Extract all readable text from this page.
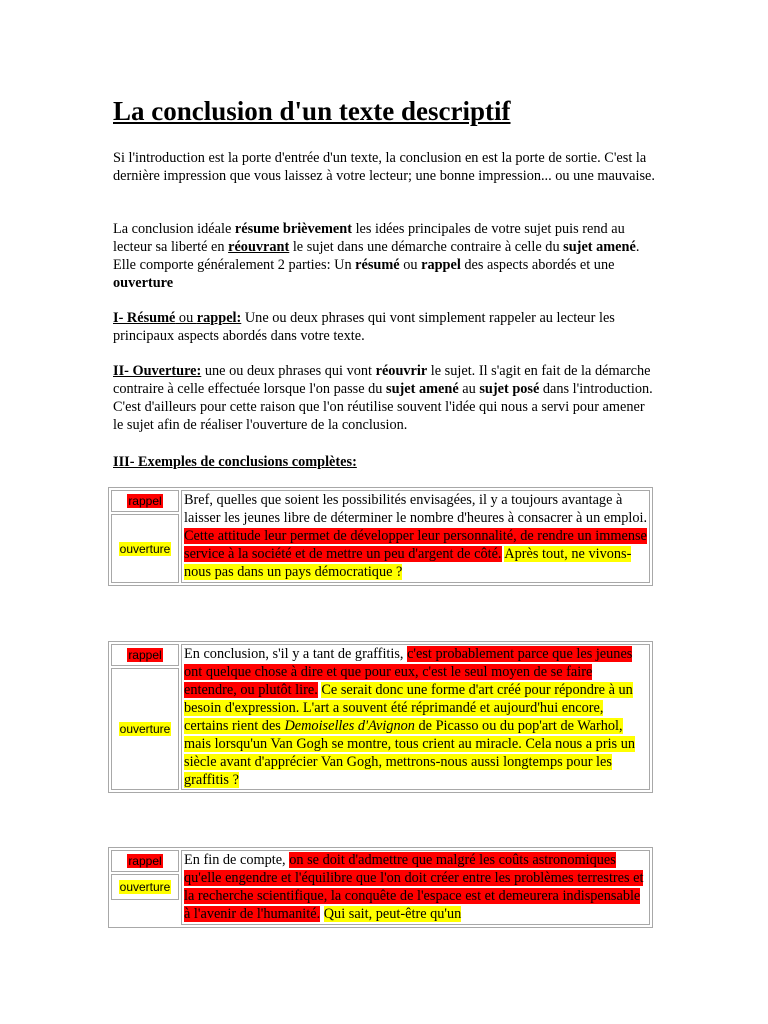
La conclusion d'un texte descriptif

Si l'introduction est la porte d'entrée d'un texte, la conclusion en est la porte de sortie. C'est la dernière impression que vous laissez à votre lecteur; une bonne impression... ou une mauvaise.

La conclusion idéale résume brièvement les idées principales de votre sujet puis rend au lecteur sa liberté en réouvrant le sujet dans une démarche contraire à celle du sujet amené. Elle comporte généralement 2 parties: Un résumé ou rappel des aspects abordés et une ouverture

I- Résumé ou rappel: Une ou deux phrases qui vont simplement rappeler au lecteur les principaux aspects abordés dans votre texte.

II- Ouverture: une ou deux phrases qui vont réouvrir le sujet. Il s'agit en fait de la démarche contraire à celle effectuée lorsque l'on passe du sujet amené au sujet posé dans l'introduction. C'est d'ailleurs pour cette raison que l'on réutilise souvent l'idée qui nous a servi pour amener le sujet afin de réaliser l'ouverture de la conclusion.

III- Exemples de conclusions complètes:

rappel
ouverture
Bref, quelles que soient les possibilités envisagées, il y a toujours avantage à laisser les jeunes libre de déterminer le nombre d'heures à consacrer à un emploi. Cette attitude leur permet de développer leur personnalité, de rendre un immense service à la société et de mettre un peu d'argent de côté. Après tout, ne vivons-nous pas dans un pays démocratique ?
rappel
ouverture
En conclusion, s'il y a tant de graffitis, c'est probablement parce que les jeunes ont quelque chose à dire et que pour eux, c'est le seul moyen de se faire entendre, ou plutôt lire. Ce serait donc une forme d'art créé pour répondre à un besoin d'expression. L'art a souvent été réprimandé et aujourd'hui encore, certains rient des Demoiselles d'Avignon de Picasso ou du pop'art de Warhol, mais lorsqu'un Van Gogh se montre, tous crient au miracle. Cela nous a pris un siècle avant d'apprécier Van Gogh, mettrons-nous aussi longtemps pour les graffitis ?
rappel
ouverture
En fin de compte, on se doit d'admettre que malgré les coûts astronomiques qu'elle engendre et l'équilibre que l'on doit créer entre les problèmes terrestres et la recherche scientifique, la conquête de l'espace est et demeurera indispensable à l'avenir de l'humanité. Qui sait, peut-être qu'un
